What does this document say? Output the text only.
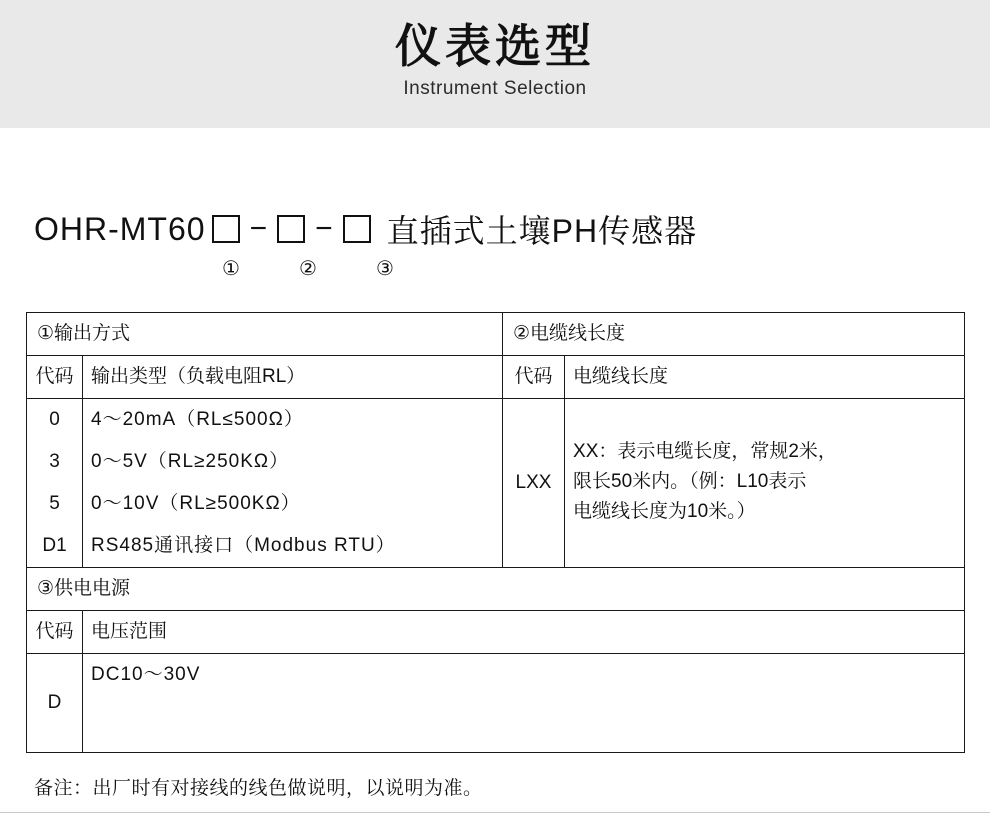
仪表选型
Instrument Selection
OHR-MT60 − − 直插式土壤PH传感器
①	②	③
①输出方式		②电缆线长度	
代码	输出类型（负载电阻RL）	代码	电缆线长度
0	4～20mA（RL≤500Ω）	LXX	XX：表示电缆长度，常规2米，
限长50米内。（例：L10表示
电缆线长度为10米。）

3	0～5V（RL≥250KΩ）		
5	0～10V（RL≥500KΩ）		
D1	RS485通讯接口（Modbus RTU）		
③供电电源			
代码	电压范围		
D	DC10～30V		
备注：出厂时有对接线的线色做说明，以说明为准。
